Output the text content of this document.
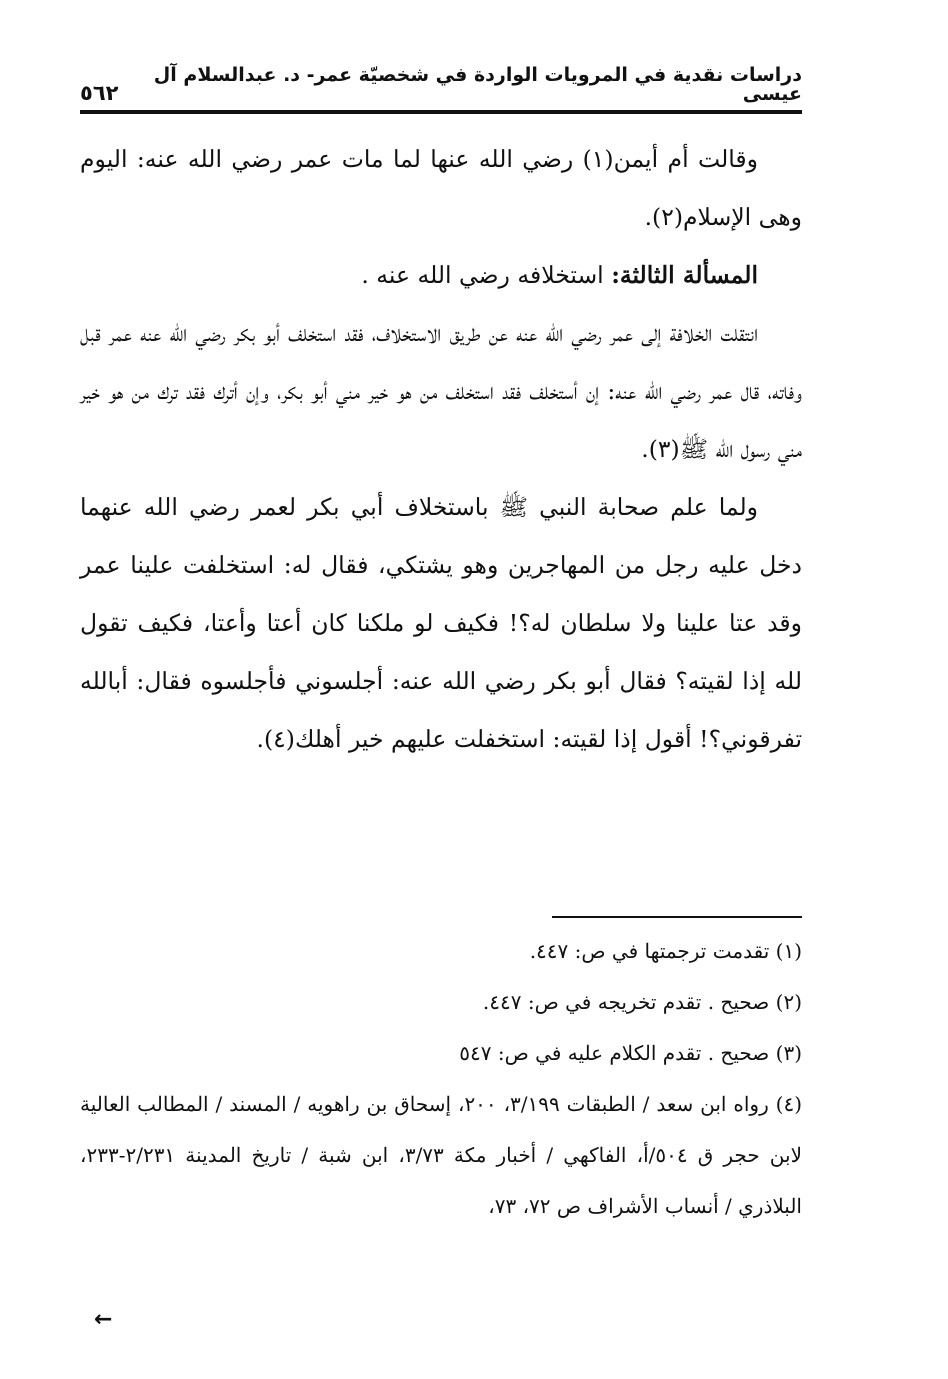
دراسات نقدية في المرويات الواردة في شخصيّة عمر- د. عبدالسلام آل عيسى
٥٦٢

وقالت أم أيمن(١) رضي الله عنها لما مات عمر رضي الله عنه: اليوم وهى الإسلام(٢).

المسألة الثالثة: استخلافه رضي الله عنه .

انتقلت الخلافة إلى عمر رضي الله عنه عن طريق الاستخلاف، فقد استخلف أبو بكر رضي الله عنه عمر قبل وفاته، قال عمر رضي الله عنه: إن أستخلف فقد استخلف من هو خير مني أبو بكر، وإن أترك فقد ترك من هو خير مني رسول الله ﷺ(٣).

ولما علم صحابة النبي ﷺ باستخلاف أبي بكر لعمر رضي الله عنهما دخل عليه رجل من المهاجرين وهو يشتكي، فقال له: استخلفت علينا عمر وقد عتا علينا ولا سلطان له؟! فكيف لو ملكنا كان أعتا وأعتا، فكيف تقول لله إذا لقيته؟ فقال أبو بكر رضي الله عنه: أجلسوني فأجلسوه فقال: أبالله تفرقوني؟! أقول إذا لقيته: استخفلت عليهم خير أهلك(٤).

(١) تقدمت ترجمتها في ص: ٤٤٧.

(٢) صحيح . تقدم تخريجه في ص: ٤٤٧.

(٣) صحيح . تقدم الكلام عليه في ص: ٥٤٧

(٤) رواه ابن سعد / الطبقات ٣/١٩٩، ٢٠٠، إسحاق بن راهويه / المسند / المطالب العالية لابن حجر ق ٥٠٤/أ، الفاكهي / أخبار مكة ٣/٧٣، ابن شبة / تاريخ المدينة ٢/٢٣١-٢٣٣، البلاذري / أنساب الأشراف ص ٧٢، ٧٣،

←
